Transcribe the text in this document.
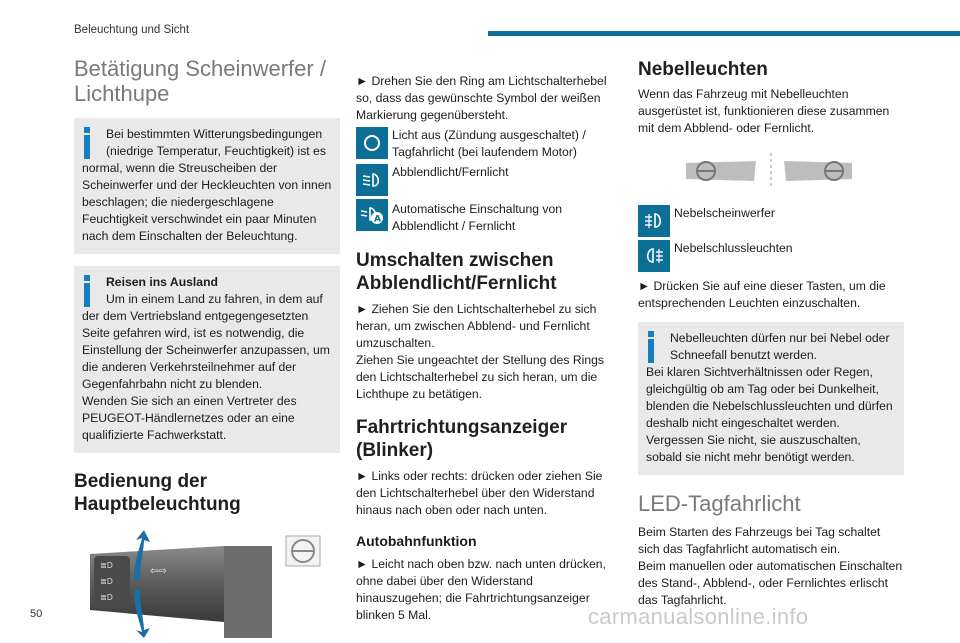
Beleuchtung und Sicht
Betätigung Scheinwerfer / Lichthupe
Bei bestimmten Witterungsbedingungen (niedrige Temperatur, Feuchtigkeit) ist es
normal, wenn die Streuscheiben der Scheinwerfer und der Heckleuchten von innen beschlagen; die niedergeschlagene Feuchtigkeit verschwindet ein paar Minuten nach dem Einschalten der Beleuchtung.
Reisen ins Ausland
Um in einem Land zu fahren, in dem auf
der dem Vertriebsland entgegengesetzten Seite gefahren wird, ist es notwendig, die Einstellung der Scheinwerfer anzupassen, um die anderen Verkehrsteilnehmer auf der Gegenfahrbahn nicht zu blenden.
Wenden Sie sich an einen Vertreter des PEUGEOT-Händlernetzes oder an eine qualifizierte Fachwerkstatt.
Bedienung der Hauptbeleuchtung
≣D
≣D
≣D
⇦⇨

► Drehen Sie den Ring am Lichtschalterhebel so, dass das gewünschte Symbol der weißen Markierung gegenübersteht.

Licht aus (Zündung ausgeschaltet) / Tagfahrlicht (bei laufendem Motor)
Abblendlicht/Fernlicht
A
Automatische Einschaltung von Abblendlicht / Fernlicht
Umschalten zwischen Abblendlicht/Fernlicht

► Ziehen Sie den Lichtschalterhebel zu sich heran, um zwischen Abblend- und Fernlicht umzuschalten.

Ziehen Sie ungeachtet der Stellung des Rings den Lichtschalterhebel zu sich heran, um die Lichthupe zu betätigen.

Fahrtrichtungsanzeiger (Blinker)

► Links oder rechts: drücken oder ziehen Sie den Lichtschalterhebel über den Widerstand hinaus nach oben oder nach unten.

Autobahnfunktion

► Leicht nach oben bzw. nach unten drücken, ohne dabei über den Widerstand hinauszugehen; die Fahrtrichtungsanzeiger blinken 5 Mal.

Nebelleuchten

Wenn das Fahrzeug mit Nebelleuchten ausgerüstet ist, funktionieren diese zusammen mit dem Abblend- oder Fernlicht.

Nebelscheinwerfer
Nebelschlussleuchten

► Drücken Sie auf eine dieser Tasten, um die entsprechenden Leuchten einzuschalten.

Nebelleuchten dürfen nur bei Nebel oder Schneefall benutzt werden.
Bei klaren Sichtverhältnissen oder Regen, gleichgültig ob am Tag oder bei Dunkelheit, blenden die Nebelschlussleuchten und dürfen deshalb nicht eingeschaltet werden.
Vergessen Sie nicht, sie auszuschalten, sobald sie nicht mehr benötigt werden.
LED-Tagfahrlicht

Beim Starten des Fahrzeugs bei Tag schaltet sich das Tagfahrlicht automatisch ein.

Beim manuellen oder automatischen Einschalten des Stand-, Abblend-, oder Fernlichtes erlischt das Tagfahrlicht.

50	carmanualsonline.info
